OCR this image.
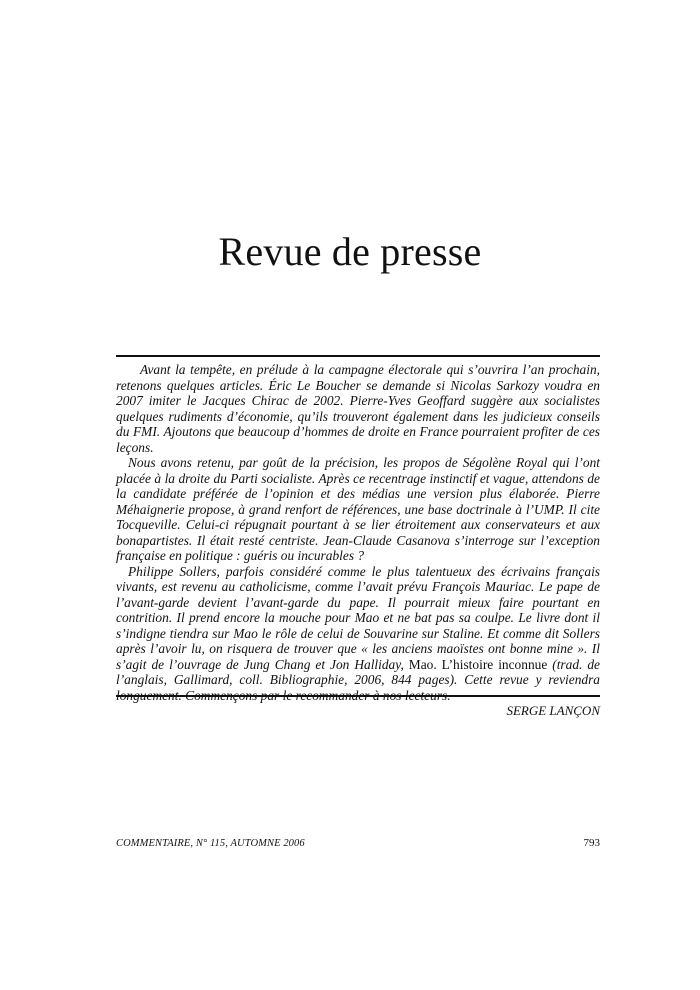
Revue de presse

Avant la tempête, en prélude à la campagne électorale qui s’ouvrira l’an prochain, retenons quelques articles. Éric Le Boucher se demande si Nicolas Sarkozy voudra en 2007 imiter le Jacques Chirac de 2002. Pierre-Yves Geoffard suggère aux socialistes quelques rudiments d’économie, qu’ils trouveront également dans les judicieux conseils du FMI. Ajoutons que beaucoup d’hommes de droite en France pourraient profiter de ces leçons.

Nous avons retenu, par goût de la précision, les propos de Ségolène Royal qui l’ont placée à la droite du Parti socialiste. Après ce recentrage instinctif et vague, attendons de la candidate préférée de l’opinion et des médias une version plus élaborée. Pierre Méhaignerie propose, à grand renfort de références, une base doctrinale à l’UMP. Il cite Tocqueville. Celui-ci répugnait pourtant à se lier étroitement aux conservateurs et aux bonapartistes. Il était resté centriste. Jean-Claude Casanova s’interroge sur l’exception française en politique : guéris ou incurables ?

Philippe Sollers, parfois considéré comme le plus talentueux des écrivains français vivants, est revenu au catholicisme, comme l’avait prévu François Mauriac. Le pape de l’avant-garde devient l’avant-garde du pape. Il pourrait mieux faire pourtant en contrition. Il prend encore la mouche pour Mao et ne bat pas sa coulpe. Le livre dont il s’indigne tiendra sur Mao le rôle de celui de Souvarine sur Staline. Et comme dit Sollers après l’avoir lu, on risquera de trouver que « les anciens maoïstes ont bonne mine ». Il s’agit de l’ouvrage de Jung Chang et Jon Halliday, Mao. L’histoire inconnue (trad. de l’anglais, Gallimard, coll. Bibliographie, 2006, 844 pages). Cette revue y reviendra longuement. Commençons par le recommander à nos lecteurs.

SERGE LANÇON

COMMENTAIRE, N° 115, AUTOMNE 2006	793
